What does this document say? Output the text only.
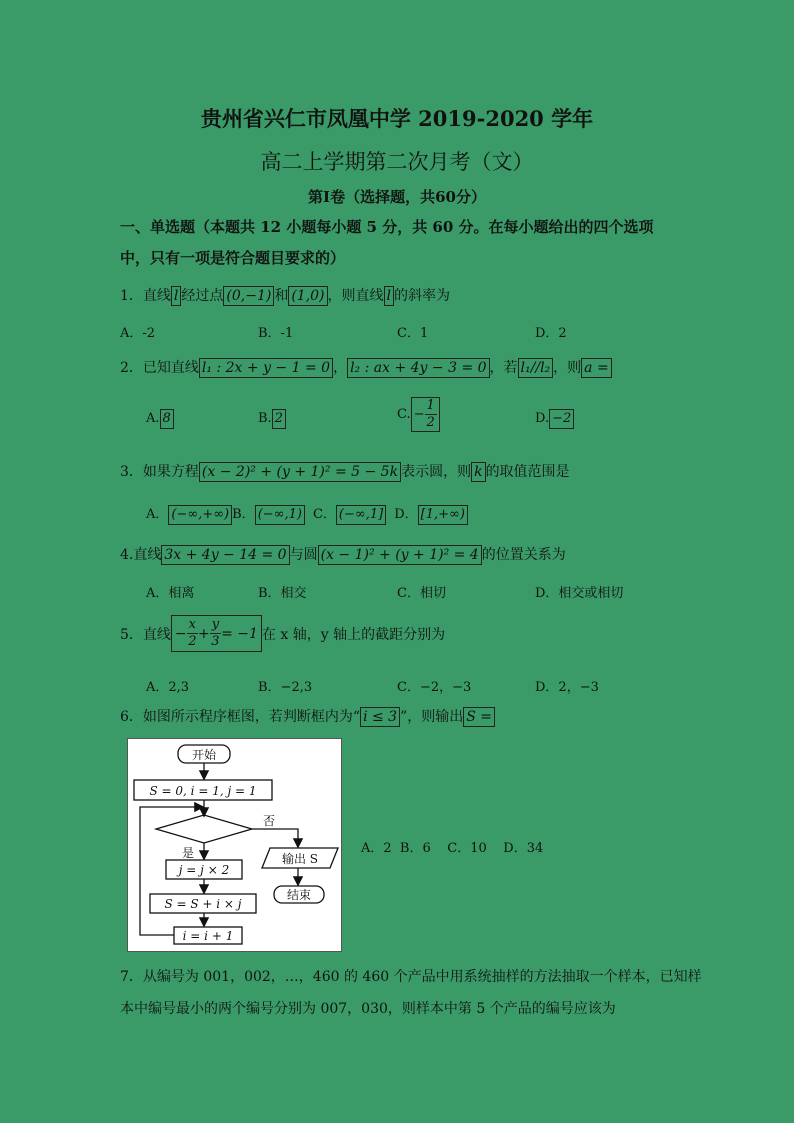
贵州省兴仁市凤凰中学 2019-2020 学年
高二上学期第二次月考（文）
第Ⅰ卷（选择题，共60分）
一、单选题（本题共 12 小题每小题 5 分，共 60 分。在每小题给出的四个选项
中，只有一项是符合题目要求的）
1．直线 l 经过点 (0,−1) 和 (1,0) ，则直线 l 的斜率为
A．-2	B．-1	C．1	D．2
2．已知直线 l₁ : 2x + y − 1 = 0 ， l₂ : ax + 4y − 3 = 0 ，若 l₁//l₂ ，则 a =
A. 8	B. 2	C. − $\frac{1}{2}$	D. −2
3．如果方程 (x − 2)² + (y + 1)² = 5 − 5k 表示圆，则 k 的取值范围是
A． (−∞,+∞) B． (−∞,1) C． (−∞,1] D． [1,+∞)
4.直线 3x + 4y − 14 = 0 与圆 (x − 1)² + (y + 1)² = 4 的位置关系为
A．相离	B．相交	C．相切	D．相交或相切
5．直线 − $\frac{x}{2} + \frac{y}{3} = -1$ 在 x 轴，y 轴上的截距分别为
A．2,3	B．−2,3	C．−2，−3	D．2，−3
6．如图所示程序框图，若判断框内为“ i ≤ 3 ”，则输出 S =
开始
S = 0, i = 1, j = 1
否
是	输出 S
结束
j = j × 2
S = S + i × j
i = i + 1
A．2  B．6    C．10    D．34
7．从编号为 001，002，…，460 的 460 个产品中用系统抽样的方法抽取一个样本，已知样
本中编号最小的两个编号分别为 007，030，则样本中第 5 个产品的编号应该为
